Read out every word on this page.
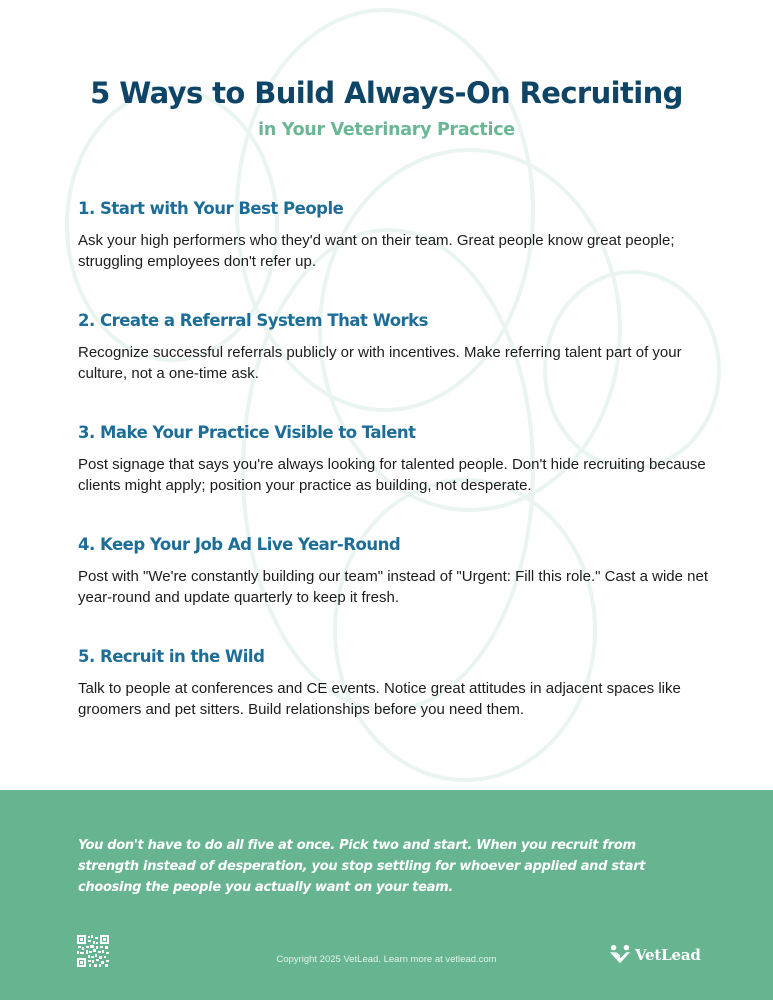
5 Ways to Build Always-On Recruiting
in Your Veterinary Practice
1. Start with Your Best People

Ask your high performers who they'd want on their team. Great people know great people; struggling employees don't refer up.

2. Create a Referral System That Works

Recognize successful referrals publicly or with incentives. Make referring talent part of your culture, not a one-time ask.

3. Make Your Practice Visible to Talent

Post signage that says you're always looking for talented people. Don't hide recruiting because clients might apply; position your practice as building, not desperate.

4. Keep Your Job Ad Live Year-Round

Post with "We're constantly building our team" instead of "Urgent: Fill this role." Cast a wide net year-round and update quarterly to keep it fresh.

5. Recruit in the Wild

Talk to people at conferences and CE events. Notice great attitudes in adjacent spaces like groomers and pet sitters. Build relationships before you need them.

You don't have to do all five at once. Pick two and start. When you recruit from strength instead of desperation, you stop settling for whoever applied and start choosing the people you actually want on your team.
Copyright 2025 VetLead. Learn more at vetlead.com	VetLead
